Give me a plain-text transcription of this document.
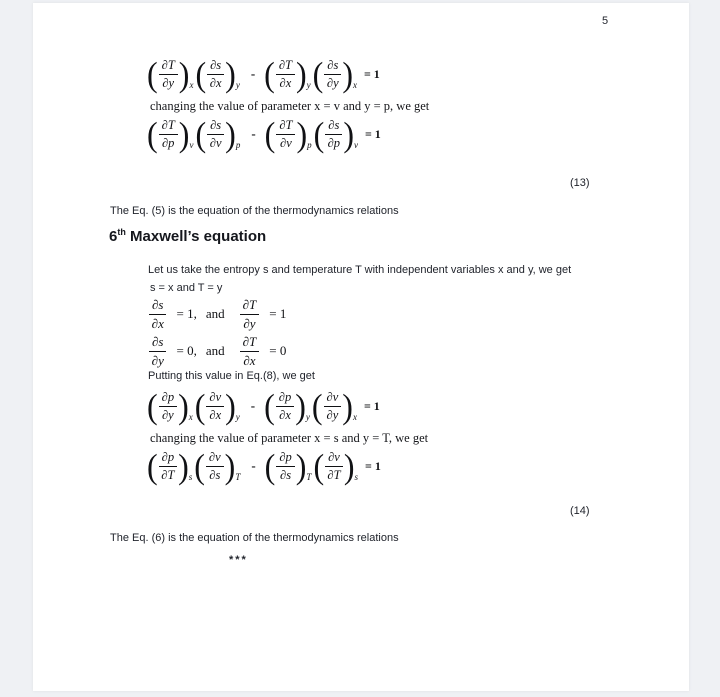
5
( $\frac{\partial T}{\partial y}$ ) x ( $\frac{\partial s}{\partial x}$ ) y
- ( $\frac{\partial T}{\partial x}$ ) y ( $\frac{\partial s}{\partial y}$ ) x
= 1
changing the value of parameter x = v and y = p, we get
( $\frac{\partial T}{\partial p}$ ) v ( $\frac{\partial s}{\partial v}$ ) p
- ( $\frac{\partial T}{\partial v}$ ) p ( $\frac{\partial s}{\partial p}$ ) v
= 1
(13)
The Eq. (5) is the equation of the thermodynamics relations
6th Maxwell’s equation
Let us take the entropy s and temperature T with independent variables x and y, we get
s = x and T = y
$\frac{\partial s}{\partial x} = 1$, and $\frac{\partial T}{\partial y} = 1$
$\frac{\partial s}{\partial y} = 0$, and $\frac{\partial T}{\partial x} = 0$
Putting this value in Eq.(8), we get
( $\frac{\partial p}{\partial y}$ ) x ( $\frac{\partial v}{\partial x}$ ) y
- ( $\frac{\partial p}{\partial x}$ ) y ( $\frac{\partial v}{\partial y}$ ) x
= 1
changing the value of parameter x = s and y = T, we get
( $\frac{\partial p}{\partial T}$ ) s ( $\frac{\partial v}{\partial s}$ ) T
- ( $\frac{\partial p}{\partial s}$ ) T ( $\frac{\partial v}{\partial T}$ ) s
= 1
(14)
The Eq. (6) is the equation of the thermodynamics relations
***
